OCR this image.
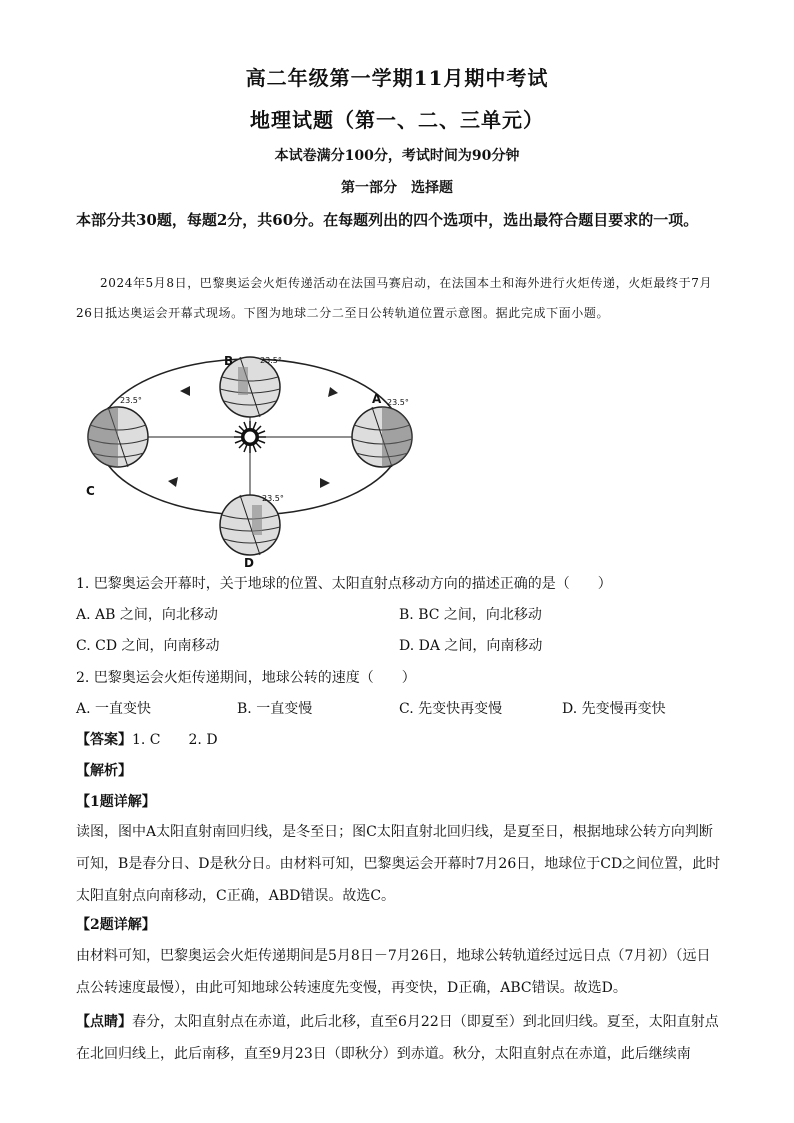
高二年级第一学期11月期中考试
地理试题（第一、二、三单元）
本试卷满分100分，考试时间为90分钟
第一部分　选择题
本部分共30题，每题2分，共60分。在每题列出的四个选项中，选出最符合题目要求的一项。
2024年5月8日，巴黎奥运会火炬传递活动在法国马赛启动，在法国本土和海外进行火炬传递，火炬最终于7月26日抵达奥运会开幕式现场。下图为地球二分二至日公转轨道位置示意图。据此完成下面小题。
B	23.5°
A 23.5°
C
23.5°
D
23.5°
1. 巴黎奥运会开幕时，关于地球的位置、太阳直射点移动方向的描述正确的是（　　）
A. AB 之间，向北移动	B. BC 之间，向北移动
C. CD 之间，向南移动	D. DA 之间，向南移动
2. 巴黎奥运会火炬传递期间，地球公转的速度（　　）
A. 一直变快	B. 一直变慢	C. 先变快再变慢	D. 先变慢再变快
【答案】1. C　　2. D
【解析】
【1题详解】
读图，图中A太阳直射南回归线，是冬至日；图C太阳直射北回归线，是夏至日，根据地球公转方向判断可知，B是春分日、D是秋分日。由材料可知，巴黎奥运会开幕时7月26日，地球位于CD之间位置，此时太阳直射点向南移动，C正确，ABD错误。故选C。
【2题详解】
由材料可知，巴黎奥运会火炬传递期间是5月8日－7月26日，地球公转轨道经过远日点（7月初）（远日点公转速度最慢），由此可知地球公转速度先变慢，再变快，D正确，ABC错误。故选D。
【点睛】春分，太阳直射点在赤道，此后北移，直至6月22日（即夏至）到北回归线。夏至，太阳直射点在北回归线上，此后南移，直至9月23日（即秋分）到赤道。秋分，太阳直射点在赤道，此后继续南
